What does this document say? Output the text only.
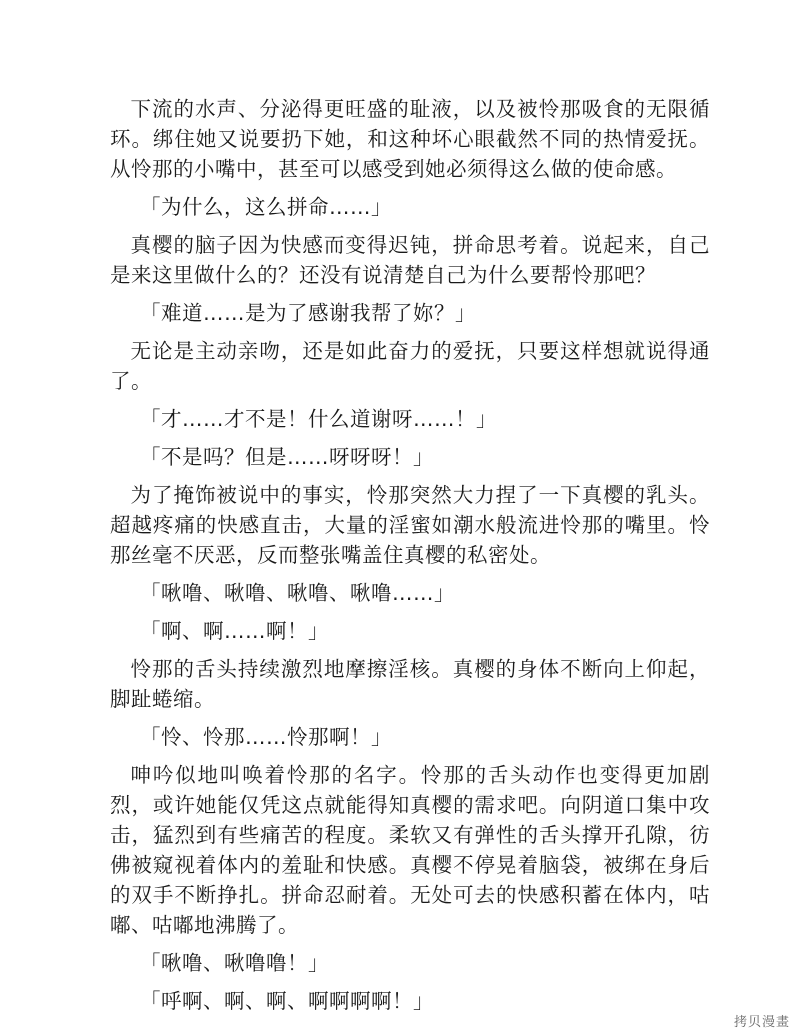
下流的水声、分泌得更旺盛的耻液，以及被怜那吸食的无限循环。绑住她又说要扔下她，和这种坏心眼截然不同的热情爱抚。从怜那的小嘴中，甚至可以感受到她必须得这么做的使命感。

「为什么，这么拼命……」

真樱的脑子因为快感而变得迟钝，拼命思考着。说起来，自己是来这里做什么的？还没有说清楚自己为什么要帮怜那吧？

「难道……是为了感谢我帮了妳？」

无论是主动亲吻，还是如此奋力的爱抚，只要这样想就说得通了。

「才……才不是！什么道谢呀……！」

「不是吗？但是……呀呀呀！」

为了掩饰被说中的事实，怜那突然大力捏了一下真樱的乳头。超越疼痛的快感直击，大量的淫蜜如潮水般流进怜那的嘴里。怜那丝毫不厌恶，反而整张嘴盖住真樱的私密处。

「啾噜、啾噜、啾噜、啾噜……」

「啊、啊……啊！」

怜那的舌头持续激烈地摩擦淫核。真樱的身体不断向上仰起，脚趾蜷缩。

「怜、怜那……怜那啊！」

呻吟似地叫唤着怜那的名字。怜那的舌头动作也变得更加剧烈，或许她能仅凭这点就能得知真樱的需求吧。向阴道口集中攻击，猛烈到有些痛苦的程度。柔软又有弹性的舌头撑开孔隙，彷佛被窥视着体内的羞耻和快感。真樱不停晃着脑袋，被绑在身后的双手不断挣扎。拼命忍耐着。无处可去的快感积蓄在体内，咕嘟、咕嘟地沸腾了。

「啾噜、啾噜噜！」

「呼啊、啊、啊、啊啊啊啊！」

拷贝漫畫
